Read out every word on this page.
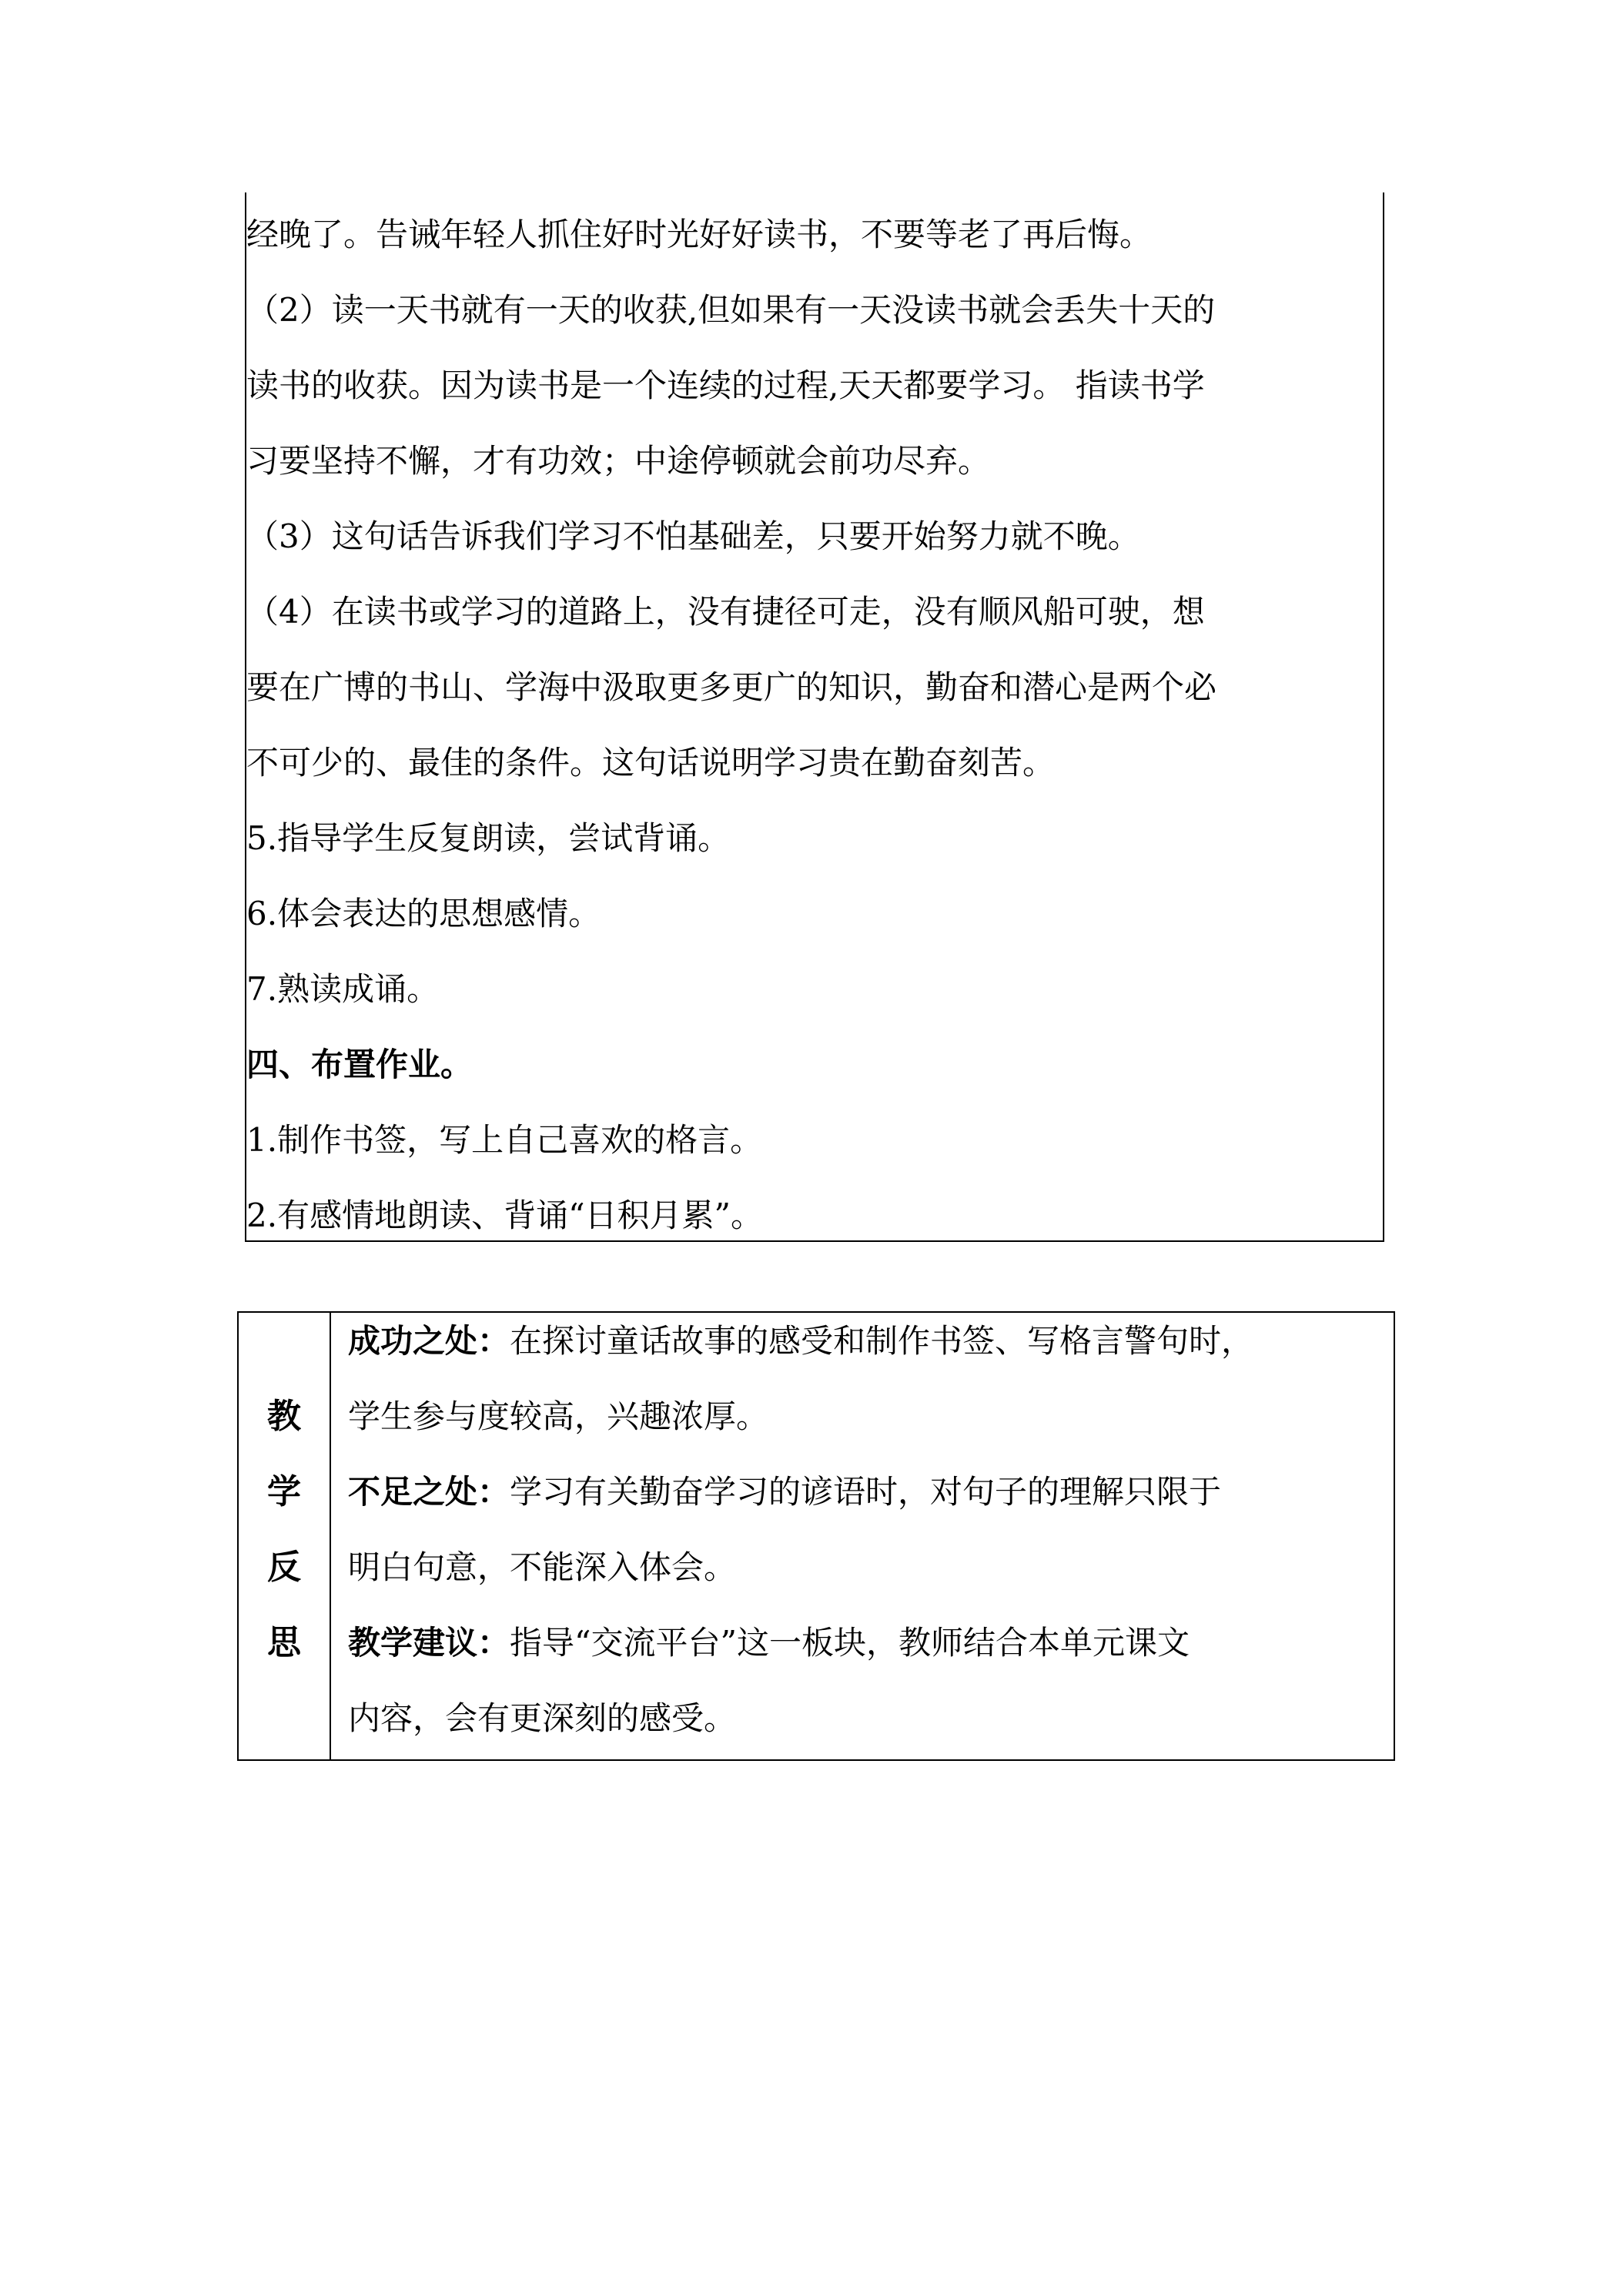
经晚了。告诫年轻人抓住好时光好好读书，不要等老了再后悔。
（2）读一天书就有一天的收获,但如果有一天没读书就会丢失十天的
读书的收获。因为读书是一个连续的过程,天天都要学习。 指读书学
习要坚持不懈，才有功效；中途停顿就会前功尽弃。
（3）这句话告诉我们学习不怕基础差，只要开始努力就不晚。
（4）在读书或学习的道路上，没有捷径可走，没有顺风船可驶，想
要在广博的书山、学海中汲取更多更广的知识，勤奋和潜心是两个必
不可少的、最佳的条件。这句话说明学习贵在勤奋刻苦。
5.指导学生反复朗读，尝试背诵。
6.体会表达的思想感情。
7.熟读成诵。
四、布置作业。
1.制作书签，写上自己喜欢的格言。
2.有感情地朗读、背诵“日积月累”。
教
学
反
思
成功之处：在探讨童话故事的感受和制作书签、写格言警句时，
学生参与度较高，兴趣浓厚。
不足之处：学习有关勤奋学习的谚语时，对句子的理解只限于
明白句意，不能深入体会。
教学建议：指导“交流平台”这一板块，教师结合本单元课文
内容，会有更深刻的感受。
